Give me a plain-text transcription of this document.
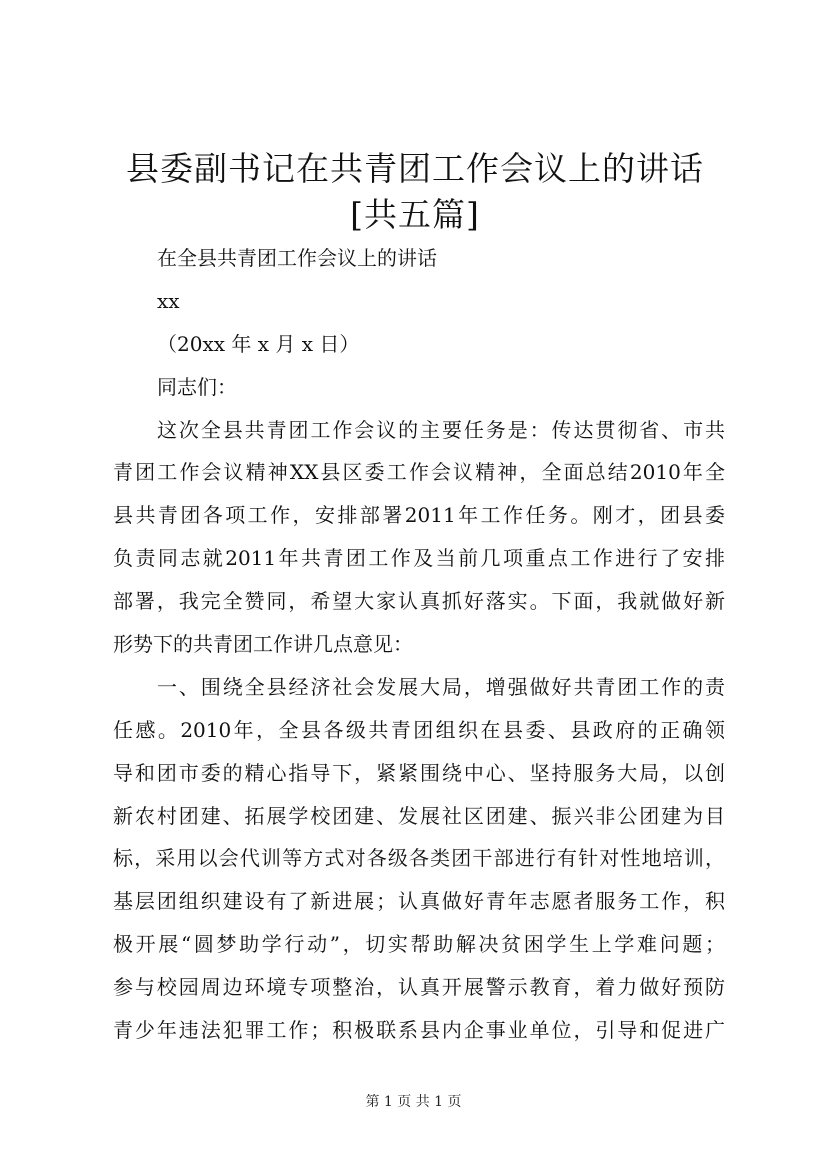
县委副书记在共青团工作会议上的讲话[共五篇]

在全县共青团工作会议上的讲话

xx

（20xx 年 x 月 x 日）

同志们：

这次全县共青团工作会议的主要任务是：传达贯彻省、市共

青团工作会议精神XX县区委工作会议精神，全面总结2010年全

县共青团各项工作，安排部署2011年工作任务。刚才，团县委

负责同志就2011年共青团工作及当前几项重点工作进行了安排

部署，我完全赞同，希望大家认真抓好落实。下面，我就做好新

形势下的共青团工作讲几点意见：

一、围绕全县经济社会发展大局，增强做好共青团工作的责

任感。2010年，全县各级共青团组织在县委、县政府的正确领

导和团市委的精心指导下，紧紧围绕中心、坚持服务大局，以创

新农村团建、拓展学校团建、发展社区团建、振兴非公团建为目

标，采用以会代训等方式对各级各类团干部进行有针对性地培训，

基层团组织建设有了新进展；认真做好青年志愿者服务工作，积

极开展“圆梦助学行动”，切实帮助解决贫困学生上学难问题；

参与校园周边环境专项整治，认真开展警示教育，着力做好预防

青少年违法犯罪工作；积极联系县内企事业单位，引导和促进广

第 1 页 共 1 页
